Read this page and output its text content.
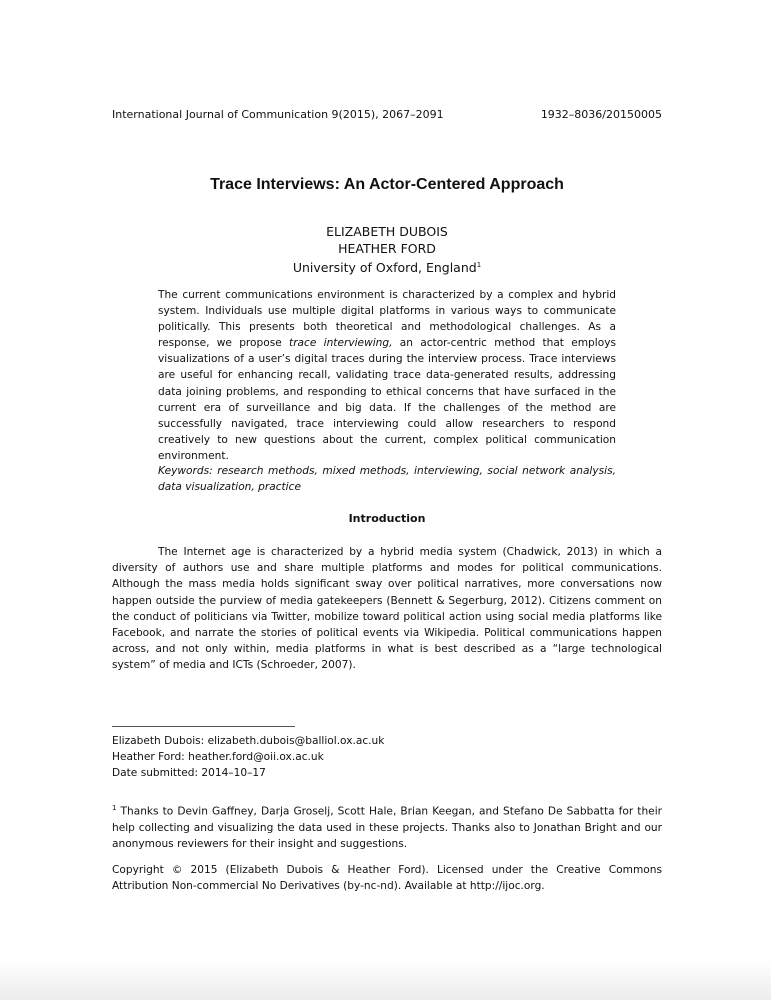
International Journal of Communication 9(2015), 2067–2091	1932–8036/20150005
Trace Interviews: An Actor-Centered Approach
ELIZABETH DUBOIS
HEATHER FORD
University of Oxford, England$^1$
The current communications environment is characterized by a complex and hybrid system. Individuals use multiple digital platforms in various ways to communicate politically. This presents both theoretical and methodological challenges. As a response, we propose trace interviewing, an actor-centric method that employs visualizations of a user’s digital traces during the interview process. Trace interviews are useful for enhancing recall, validating trace data-generated results, addressing data joining problems, and responding to ethical concerns that have surfaced in the current era of surveillance and big data. If the challenges of the method are successfully navigated, trace interviewing could allow researchers to respond creatively to new questions about the current, complex political communication environment.
Keywords: research methods, mixed methods, interviewing, social network analysis, data visualization, practice
Introduction
The Internet age is characterized by a hybrid media system (Chadwick, 2013) in which a diversity of authors use and share multiple platforms and modes for political communications. Although the mass media holds significant sway over political narratives, more conversations now happen outside the purview of media gatekeepers (Bennett & Segerburg, 2012). Citizens comment on the conduct of politicians via Twitter, mobilize toward political action using social media platforms like Facebook, and narrate the stories of political events via Wikipedia. Political communications happen across, and not only within, media platforms in what is best described as a “large technological system” of media and ICTs (Schroeder, 2007).
Elizabeth Dubois: elizabeth.dubois@balliol.ox.ac.uk
Heather Ford: heather.ford@oii.ox.ac.uk
Date submitted: 2014–10–17
$^1$ Thanks to Devin Gaffney, Darja Groselj, Scott Hale, Brian Keegan, and Stefano De Sabbatta for their help collecting and visualizing the data used in these projects. Thanks also to Jonathan Bright and our anonymous reviewers for their insight and suggestions.
Copyright © 2015 (Elizabeth Dubois & Heather Ford). Licensed under the Creative Commons Attribution Non-commercial No Derivatives (by-nc-nd). Available at http://ijoc.org.
